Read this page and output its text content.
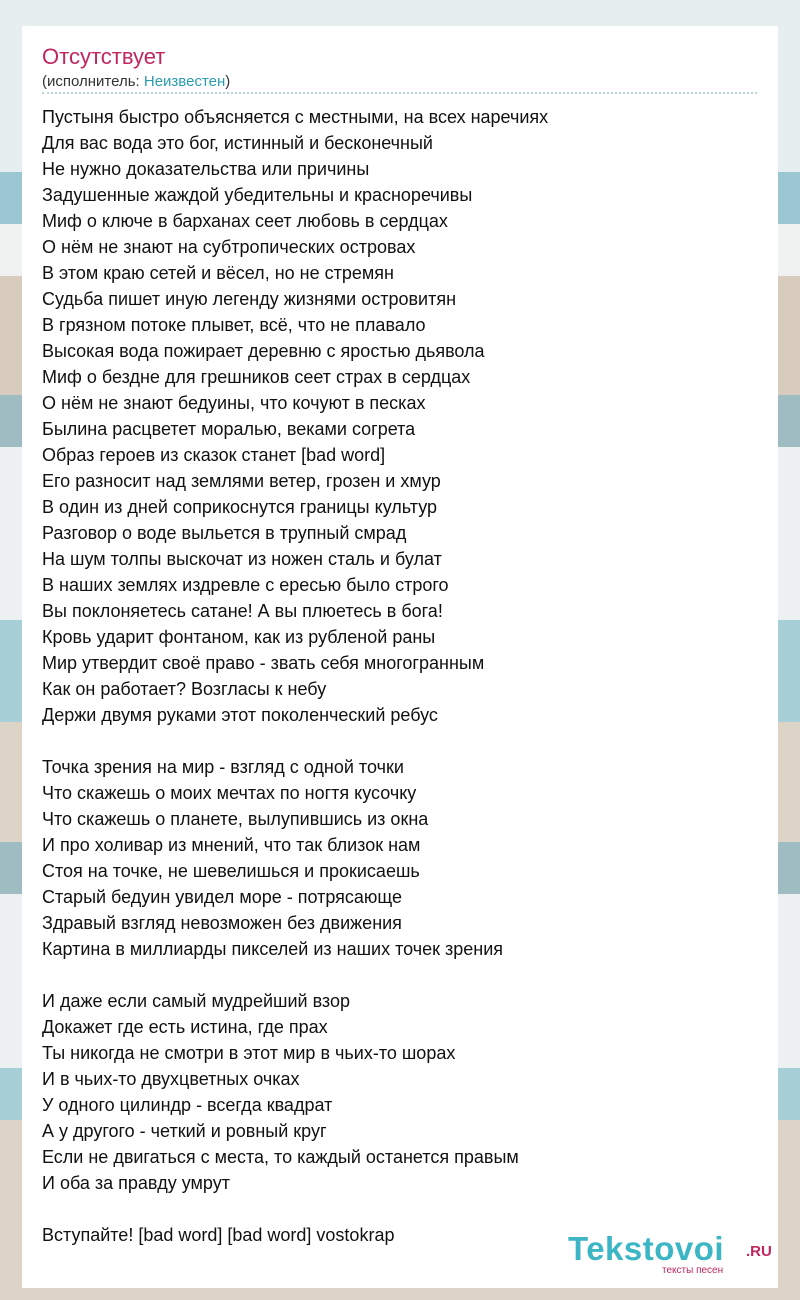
Отсутствует
(исполнитель: Неизвестен)
Пустыня быстро объясняется с местными, на всех наречиях
Для вас вода это бог, истинный и бесконечный
Не нужно доказательства или причины
Задушенные жаждой убедительны и красноречивы
Миф о ключе в барханах сеет любовь в сердцах
О нём не знают на субтропических островах
В этом краю сетей и вёсел, но не стремян
Судьба пишет иную легенду жизнями островитян
В грязном потоке плывет, всё, что не плавало
Высокая вода пожирает деревню с яростью дьявола
Миф о бездне для грешников сеет страх в сердцах
О нём не знают бедуины, что кочуют в песках
Былина расцветет моралью, веками согрета
Образ героев из сказок станет [bad word]
Его разносит над землями ветер, грозен и хмур
В один из дней соприкоснутся границы культур
Разговор о воде выльется в трупный смрад
На шум толпы выскочат из ножен сталь и булат
В наших землях издревле с ересью было строго
Вы поклоняетесь сатане! А вы плюетесь в бога!
Кровь ударит фонтаном, как из рубленой раны
Мир утвердит своё право - звать себя многогранным
Как он работает? Возгласы к небу
Держи двумя руками этот поколенческий ребус
Точка зрения на мир - взгляд с одной точки
Что скажешь о моих мечтах по ногтя кусочку
Что скажешь о планете, вылупившись из окна
И про холивар из мнений, что так близок нам
Стоя на точке, не шевелишься и прокисаешь
Старый бедуин увидел море - потрясающе
Здравый взгляд невозможен без движения
Картина в миллиарды пикселей из наших точек зрения
И даже если самый мудрейший взор
Докажет где есть истина, где прах
Ты никогда не смотри в этот мир в чьих-то шорах
И в чьих-то двухцветных очках
У одного цилиндр - всегда квадрат
А у другого - четкий и ровный круг
Если не двигаться с места, то каждый останется правым
И оба за правду умрут
Вступайте! [bad word] [bad word] vostokrap	Tekstovoi .RU
тексты песен
